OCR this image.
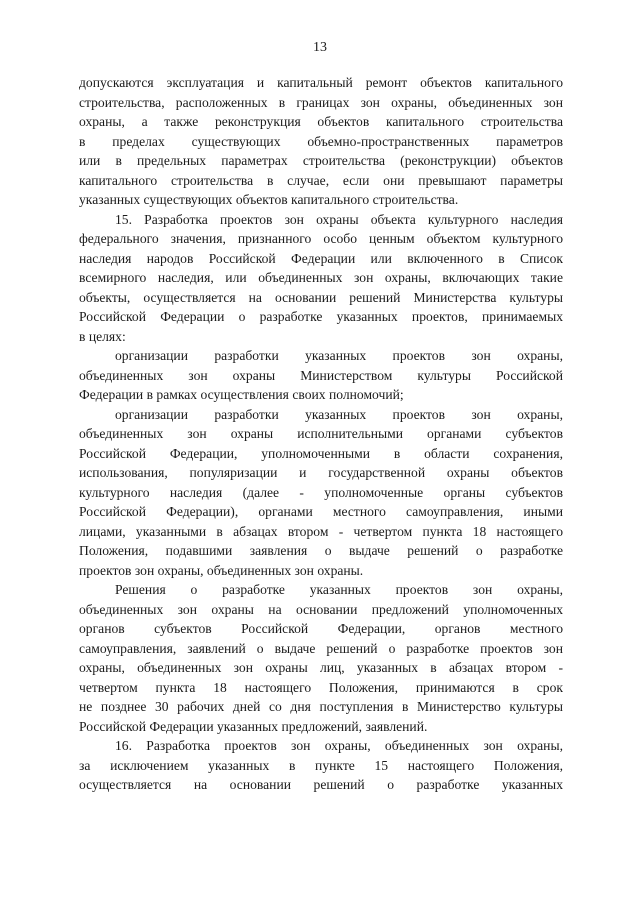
13
допускаются эксплуатация и капитальный ремонт объектов капитального
строительства, расположенных в границах зон охраны, объединенных зон
охраны, а также реконструкция объектов капитального строительства
в пределах существующих объемно-пространственных параметров
или в предельных параметрах строительства (реконструкции) объектов
капитального строительства в случае, если они превышают параметры
указанных существующих объектов капитального строительства.
15. Разработка проектов зон охраны объекта культурного наследия
федерального значения, признанного особо ценным объектом культурного
наследия народов Российской Федерации или включенного в Список
всемирного наследия, или объединенных зон охраны, включающих такие
объекты, осуществляется на основании решений Министерства культуры
Российской Федерации о разработке указанных проектов, принимаемых
в целях:
организации разработки указанных проектов зон охраны,
объединенных зон охраны Министерством культуры Российской
Федерации в рамках осуществления своих полномочий;
организации разработки указанных проектов зон охраны,
объединенных зон охраны исполнительными органами субъектов
Российской Федерации, уполномоченными в области сохранения,
использования, популяризации и государственной охраны объектов
культурного наследия (далее - уполномоченные органы субъектов
Российской Федерации), органами местного самоуправления, иными
лицами, указанными в абзацах втором - четвертом пункта 18 настоящего
Положения, подавшими заявления о выдаче решений о разработке
проектов зон охраны, объединенных зон охраны.
Решения о разработке указанных проектов зон охраны,
объединенных зон охраны на основании предложений уполномоченных
органов субъектов Российской Федерации, органов местного
самоуправления, заявлений о выдаче решений о разработке проектов зон
охраны, объединенных зон охраны лиц, указанных в абзацах втором -
четвертом пункта 18 настоящего Положения, принимаются в срок
не позднее 30 рабочих дней со дня поступления в Министерство культуры
Российской Федерации указанных предложений, заявлений.
16. Разработка проектов зон охраны, объединенных зон охраны,
за исключением указанных в пункте 15 настоящего Положения,
осуществляется на основании решений о разработке указанных
